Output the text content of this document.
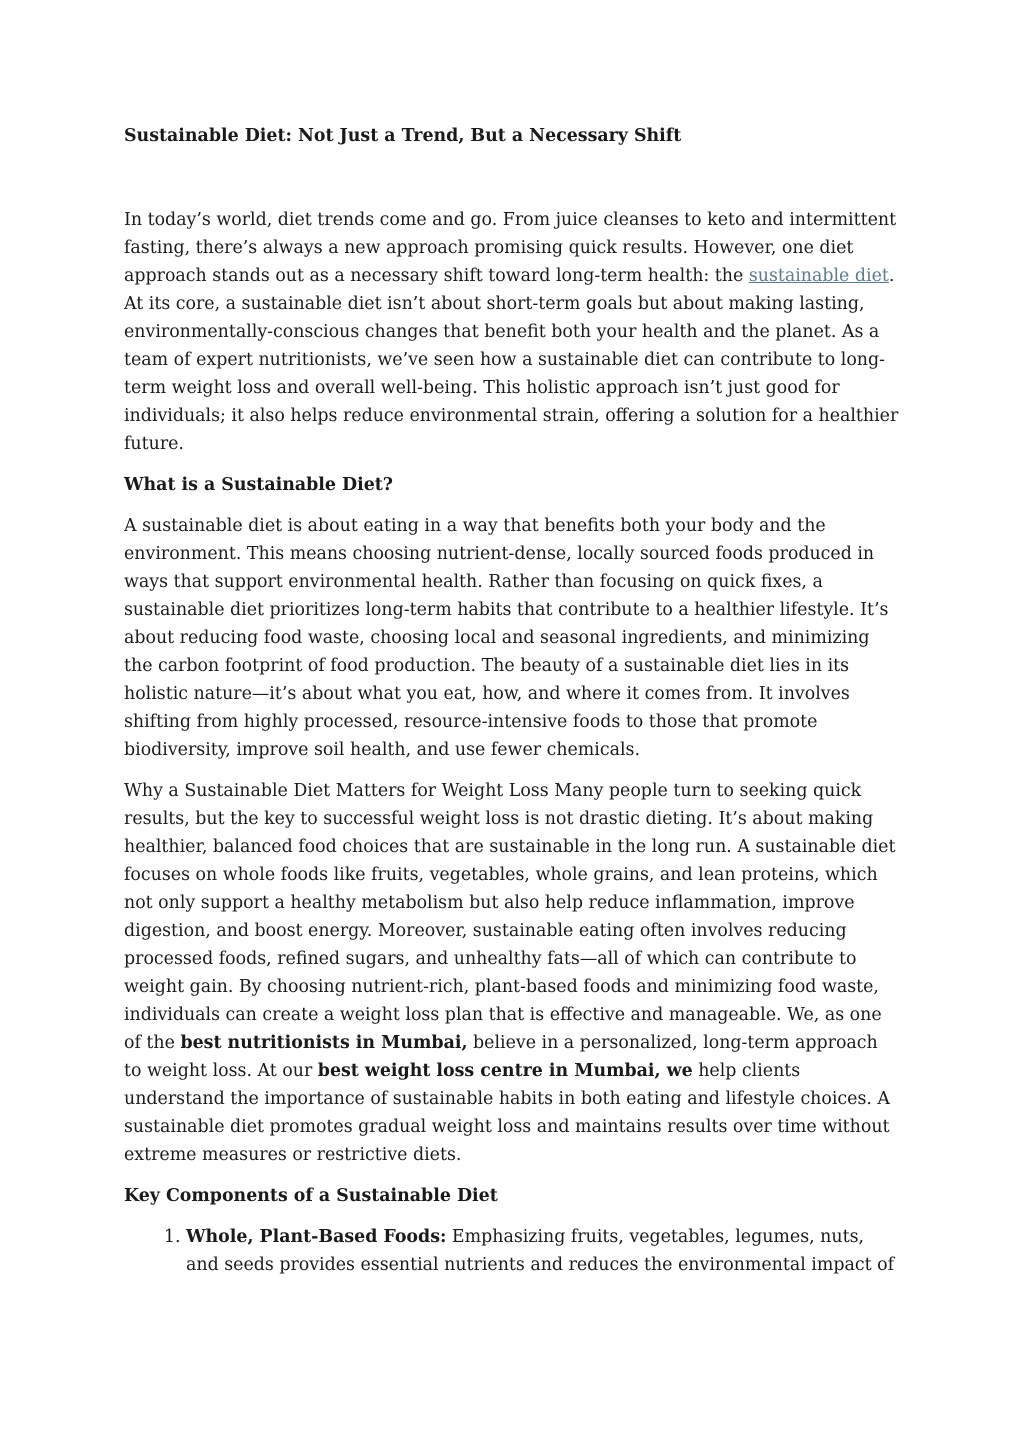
Sustainable Diet: Not Just a Trend, But a Necessary Shift

In today’s world, diet trends come and go. From juice cleanses to keto and intermittent fasting, there’s always a new approach promising quick results. However, one diet approach stands out as a necessary shift toward long-term health: the sustainable diet. At its core, a sustainable diet isn’t about short-term goals but about making lasting, environmentally-conscious changes that benefit both your health and the planet. As a team of expert nutritionists, we’ve seen how a sustainable diet can contribute to long-term weight loss and overall well-being. This holistic approach isn’t just good for individuals; it also helps reduce environmental strain, offering a solution for a healthier future.

What is a Sustainable Diet?

A sustainable diet is about eating in a way that benefits both your body and the environment. This means choosing nutrient-dense, locally sourced foods produced in ways that support environmental health. Rather than focusing on quick fixes, a sustainable diet prioritizes long-term habits that contribute to a healthier lifestyle. It’s about reducing food waste, choosing local and seasonal ingredients, and minimizing the carbon footprint of food production. The beauty of a sustainable diet lies in its holistic nature—it’s about what you eat, how, and where it comes from. It involves shifting from highly processed, resource-intensive foods to those that promote biodiversity, improve soil health, and use fewer chemicals.

Why a Sustainable Diet Matters for Weight Loss Many people turn to seeking quick results, but the key to successful weight loss is not drastic dieting. It’s about making healthier, balanced food choices that are sustainable in the long run. A sustainable diet focuses on whole foods like fruits, vegetables, whole grains, and lean proteins, which not only support a healthy metabolism but also help reduce inflammation, improve digestion, and boost energy. Moreover, sustainable eating often involves reducing processed foods, refined sugars, and unhealthy fats—all of which can contribute to weight gain. By choosing nutrient-rich, plant-based foods and minimizing food waste, individuals can create a weight loss plan that is effective and manageable. We, as one of the best nutritionists in Mumbai, believe in a personalized, long-term approach to weight loss. At our best weight loss centre in Mumbai, we help clients understand the importance of sustainable habits in both eating and lifestyle choices. A sustainable diet promotes gradual weight loss and maintains results over time without extreme measures or restrictive diets.

Key Components of a Sustainable Diet
1. Whole, Plant-Based Foods: Emphasizing fruits, vegetables, legumes, nuts, and seeds provides essential nutrients and reduces the environmental impact of
